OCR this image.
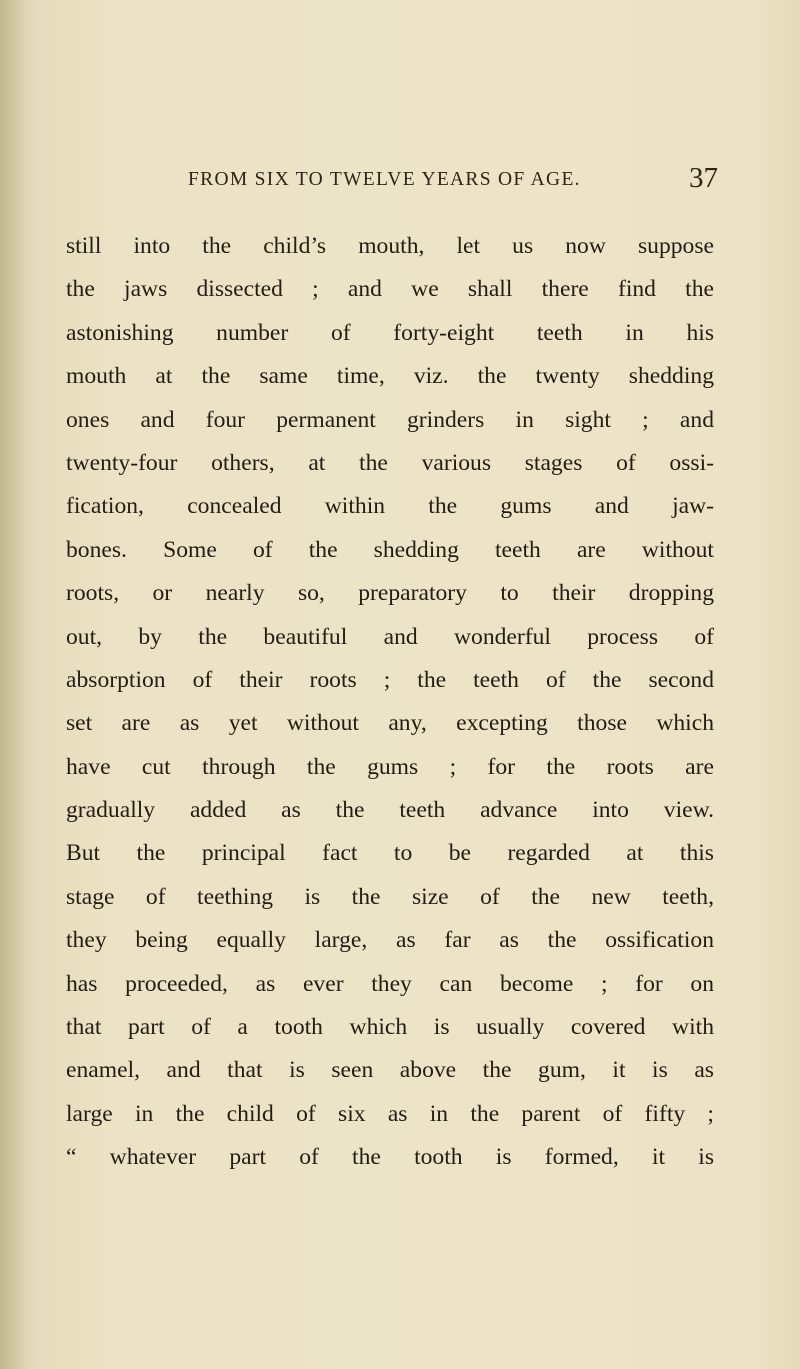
FROM SIX TO TWELVE YEARS OF AGE.	37
still into the child’s mouth, let us now suppose
the jaws dissected ; and we shall there find the
astonishing number of forty-eight teeth in his
mouth at the same time, viz. the twenty shedding
ones and four permanent grinders in sight ; and
twenty-four others, at the various stages of ossi-
fication, concealed within the gums and jaw-
bones. Some of the shedding teeth are without
roots, or nearly so, preparatory to their dropping
out, by the beautiful and wonderful process of
absorption of their roots ; the teeth of the second
set are as yet without any, excepting those which
have cut through the gums ; for the roots are
gradually added as the teeth advance into view.
But the principal fact to be regarded at this
stage of teething is the size of the new teeth,
they being equally large, as far as the ossification
has proceeded, as ever they can become ; for on
that part of a tooth which is usually covered with
enamel, and that is seen above the gum, it is as
large in the child of six as in the parent of fifty ;
“ whatever part of the tooth is formed, it is
